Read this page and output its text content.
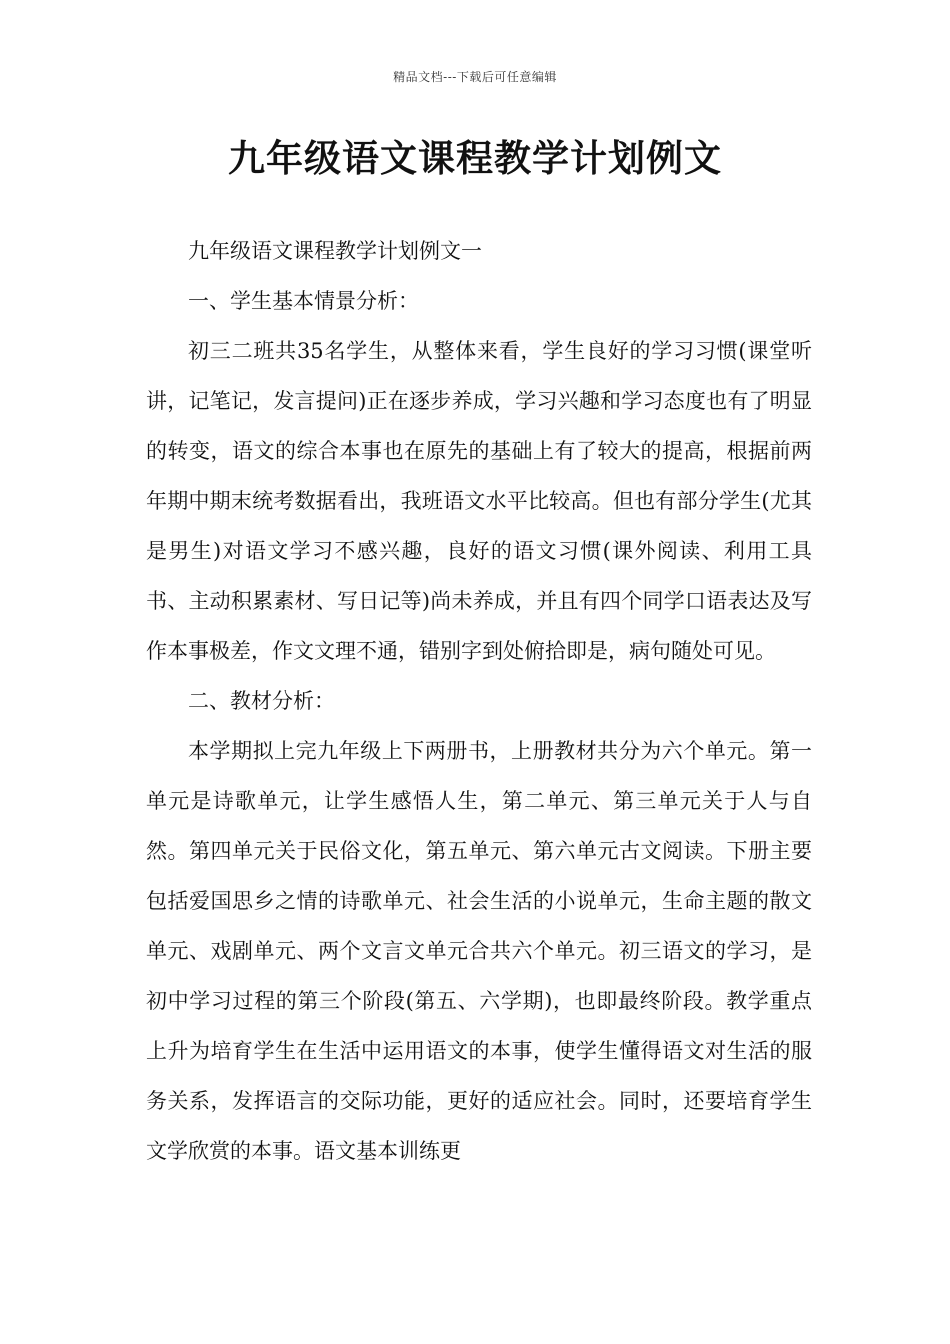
精品文档---下载后可任意编辑
九年级语文课程教学计划例文

九年级语文课程教学计划例文一

一、学生基本情景分析：

初三二班共35名学生，从整体来看，学生良好的学习习惯(课堂听讲，记笔记，发言提问)正在逐步养成，学习兴趣和学习态度也有了明显的转变，语文的综合本事也在原先的基础上有了较大的提高，根据前两年期中期末统考数据看出，我班语文水平比较高。但也有部分学生(尤其是男生)对语文学习不感兴趣，良好的语文习惯(课外阅读、利用工具书、主动积累素材、写日记等)尚未养成，并且有四个同学口语表达及写作本事极差，作文文理不通，错别字到处俯拾即是，病句随处可见。

二、教材分析：

本学期拟上完九年级上下两册书，上册教材共分为六个单元。第一单元是诗歌单元，让学生感悟人生，第二单元、第三单元关于人与自然。第四单元关于民俗文化，第五单元、第六单元古文阅读。下册主要包括爱国思乡之情的诗歌单元、社会生活的小说单元，生命主题的散文单元、戏剧单元、两个文言文单元合共六个单元。初三语文的学习，是初中学习过程的第三个阶段(第五、六学期)，也即最终阶段。教学重点上升为培育学生在生活中运用语文的本事，使学生懂得语文对生活的服务关系，发挥语言的交际功能，更好的适应社会。同时，还要培育学生文学欣赏的本事。语文基本训练更
